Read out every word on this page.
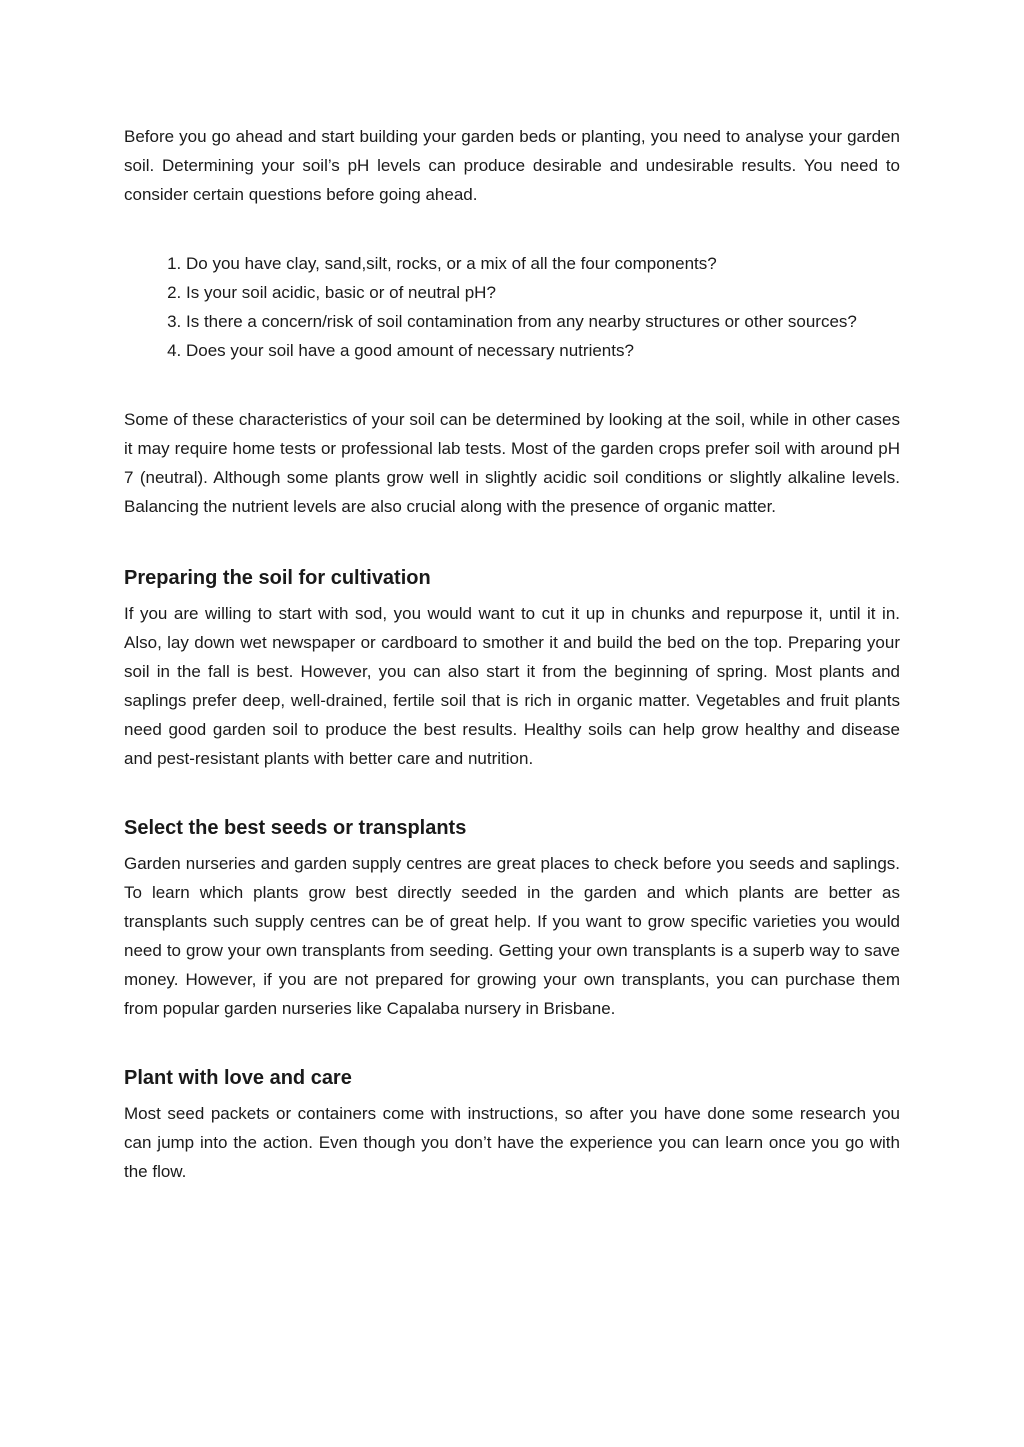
Before you go ahead and start building your garden beds or planting, you need to analyse your garden soil. Determining your soil’s pH levels can produce desirable and undesirable results. You need to consider certain questions before going ahead.

1. Do you have clay, sand,silt, rocks, or a mix of all the four components?
2. Is your soil acidic, basic or of neutral pH?
3. Is there a concern/risk of soil contamination from any nearby structures or other sources?
4. Does your soil have a good amount of necessary nutrients?

Some of these characteristics of your soil can be determined by looking at the soil, while in other cases it may require home tests or professional lab tests. Most of the garden crops prefer soil with around pH 7 (neutral). Although some plants grow well in slightly acidic soil conditions or slightly alkaline levels. Balancing the nutrient levels are also crucial along with the presence of organic matter.

Preparing the soil for cultivation

If you are willing to start with sod, you would want to cut it up in chunks and repurpose it, until it in. Also, lay down wet newspaper or cardboard to smother it and build the bed on the top. Preparing your soil in the fall is best. However, you can also start it from the beginning of spring. Most plants and saplings prefer deep, well-drained, fertile soil that is rich in organic matter. Vegetables and fruit plants need good garden soil to produce the best results. Healthy soils can help grow healthy and disease and pest-resistant plants with better care and nutrition.

Select the best seeds or transplants

Garden nurseries and garden supply centres are great places to check before you seeds and saplings. To learn which plants grow best directly seeded in the garden and which plants are better as transplants such supply centres can be of great help. If you want to grow specific varieties you would need to grow your own transplants from seeding. Getting your own transplants is a superb way to save money. However, if you are not prepared for growing your own transplants, you can purchase them from popular garden nurseries like Capalaba nursery in Brisbane.

Plant with love and care

Most seed packets or containers come with instructions, so after you have done some research you can jump into the action. Even though you don’t have the experience you can learn once you go with the flow.
